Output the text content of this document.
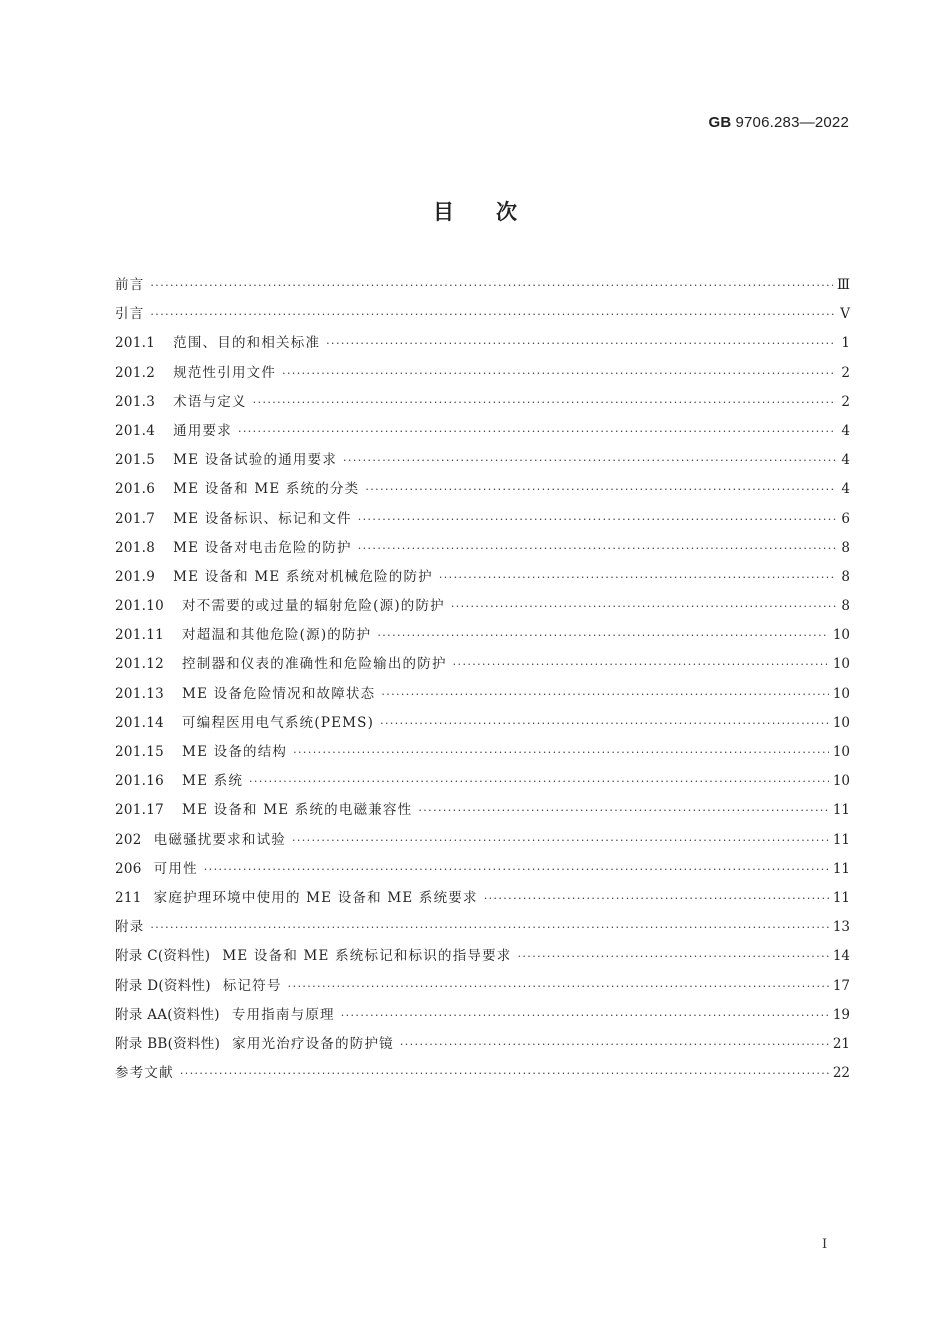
GB 9706.283—2022
目次
前言 ·····	Ⅲ
引言 ·····	Ⅴ
201.1 范围、目的和相关标准 ·····	1
201.2 规范性引用文件 ·····	2
201.3 术语与定义 ·····	2
201.4 通用要求 ·····	4
201.5 ME 设备试验的通用要求 ·····	4
201.6 ME 设备和 ME 系统的分类 ·····	4
201.7 ME 设备标识、标记和文件 ·····	6
201.8 ME 设备对电击危险的防护 ·····	8
201.9 ME 设备和 ME 系统对机械危险的防护 ·····	8
201.10 对不需要的或过量的辐射危险(源)的防护 ·····	8
201.11 对超温和其他危险(源)的防护 ·····	10
201.12 控制器和仪表的准确性和危险输出的防护 ·····	10
201.13 ME 设备危险情况和故障状态 ·····	10
201.14 可编程医用电气系统(PEMS) ·····	10
201.15 ME 设备的结构 ·····	10
201.16 ME 系统 ·····	10
201.17 ME 设备和 ME 系统的电磁兼容性 ·····	11
202 电磁骚扰要求和试验 ·····	11
206 可用性 ·····	11
211 家庭护理环境中使用的 ME 设备和 ME 系统要求 ·····	11
附录 ·····	13
附录 C(资料性) ME 设备和 ME 系统标记和标识的指导要求 ·····	14
附录 D(资料性) 标记符号 ·····	17
附录 AA(资料性) 专用指南与原理 ·····	19
附录 BB(资料性) 家用光治疗设备的防护镜 ·····	21
参考文献 ·····	22
I
